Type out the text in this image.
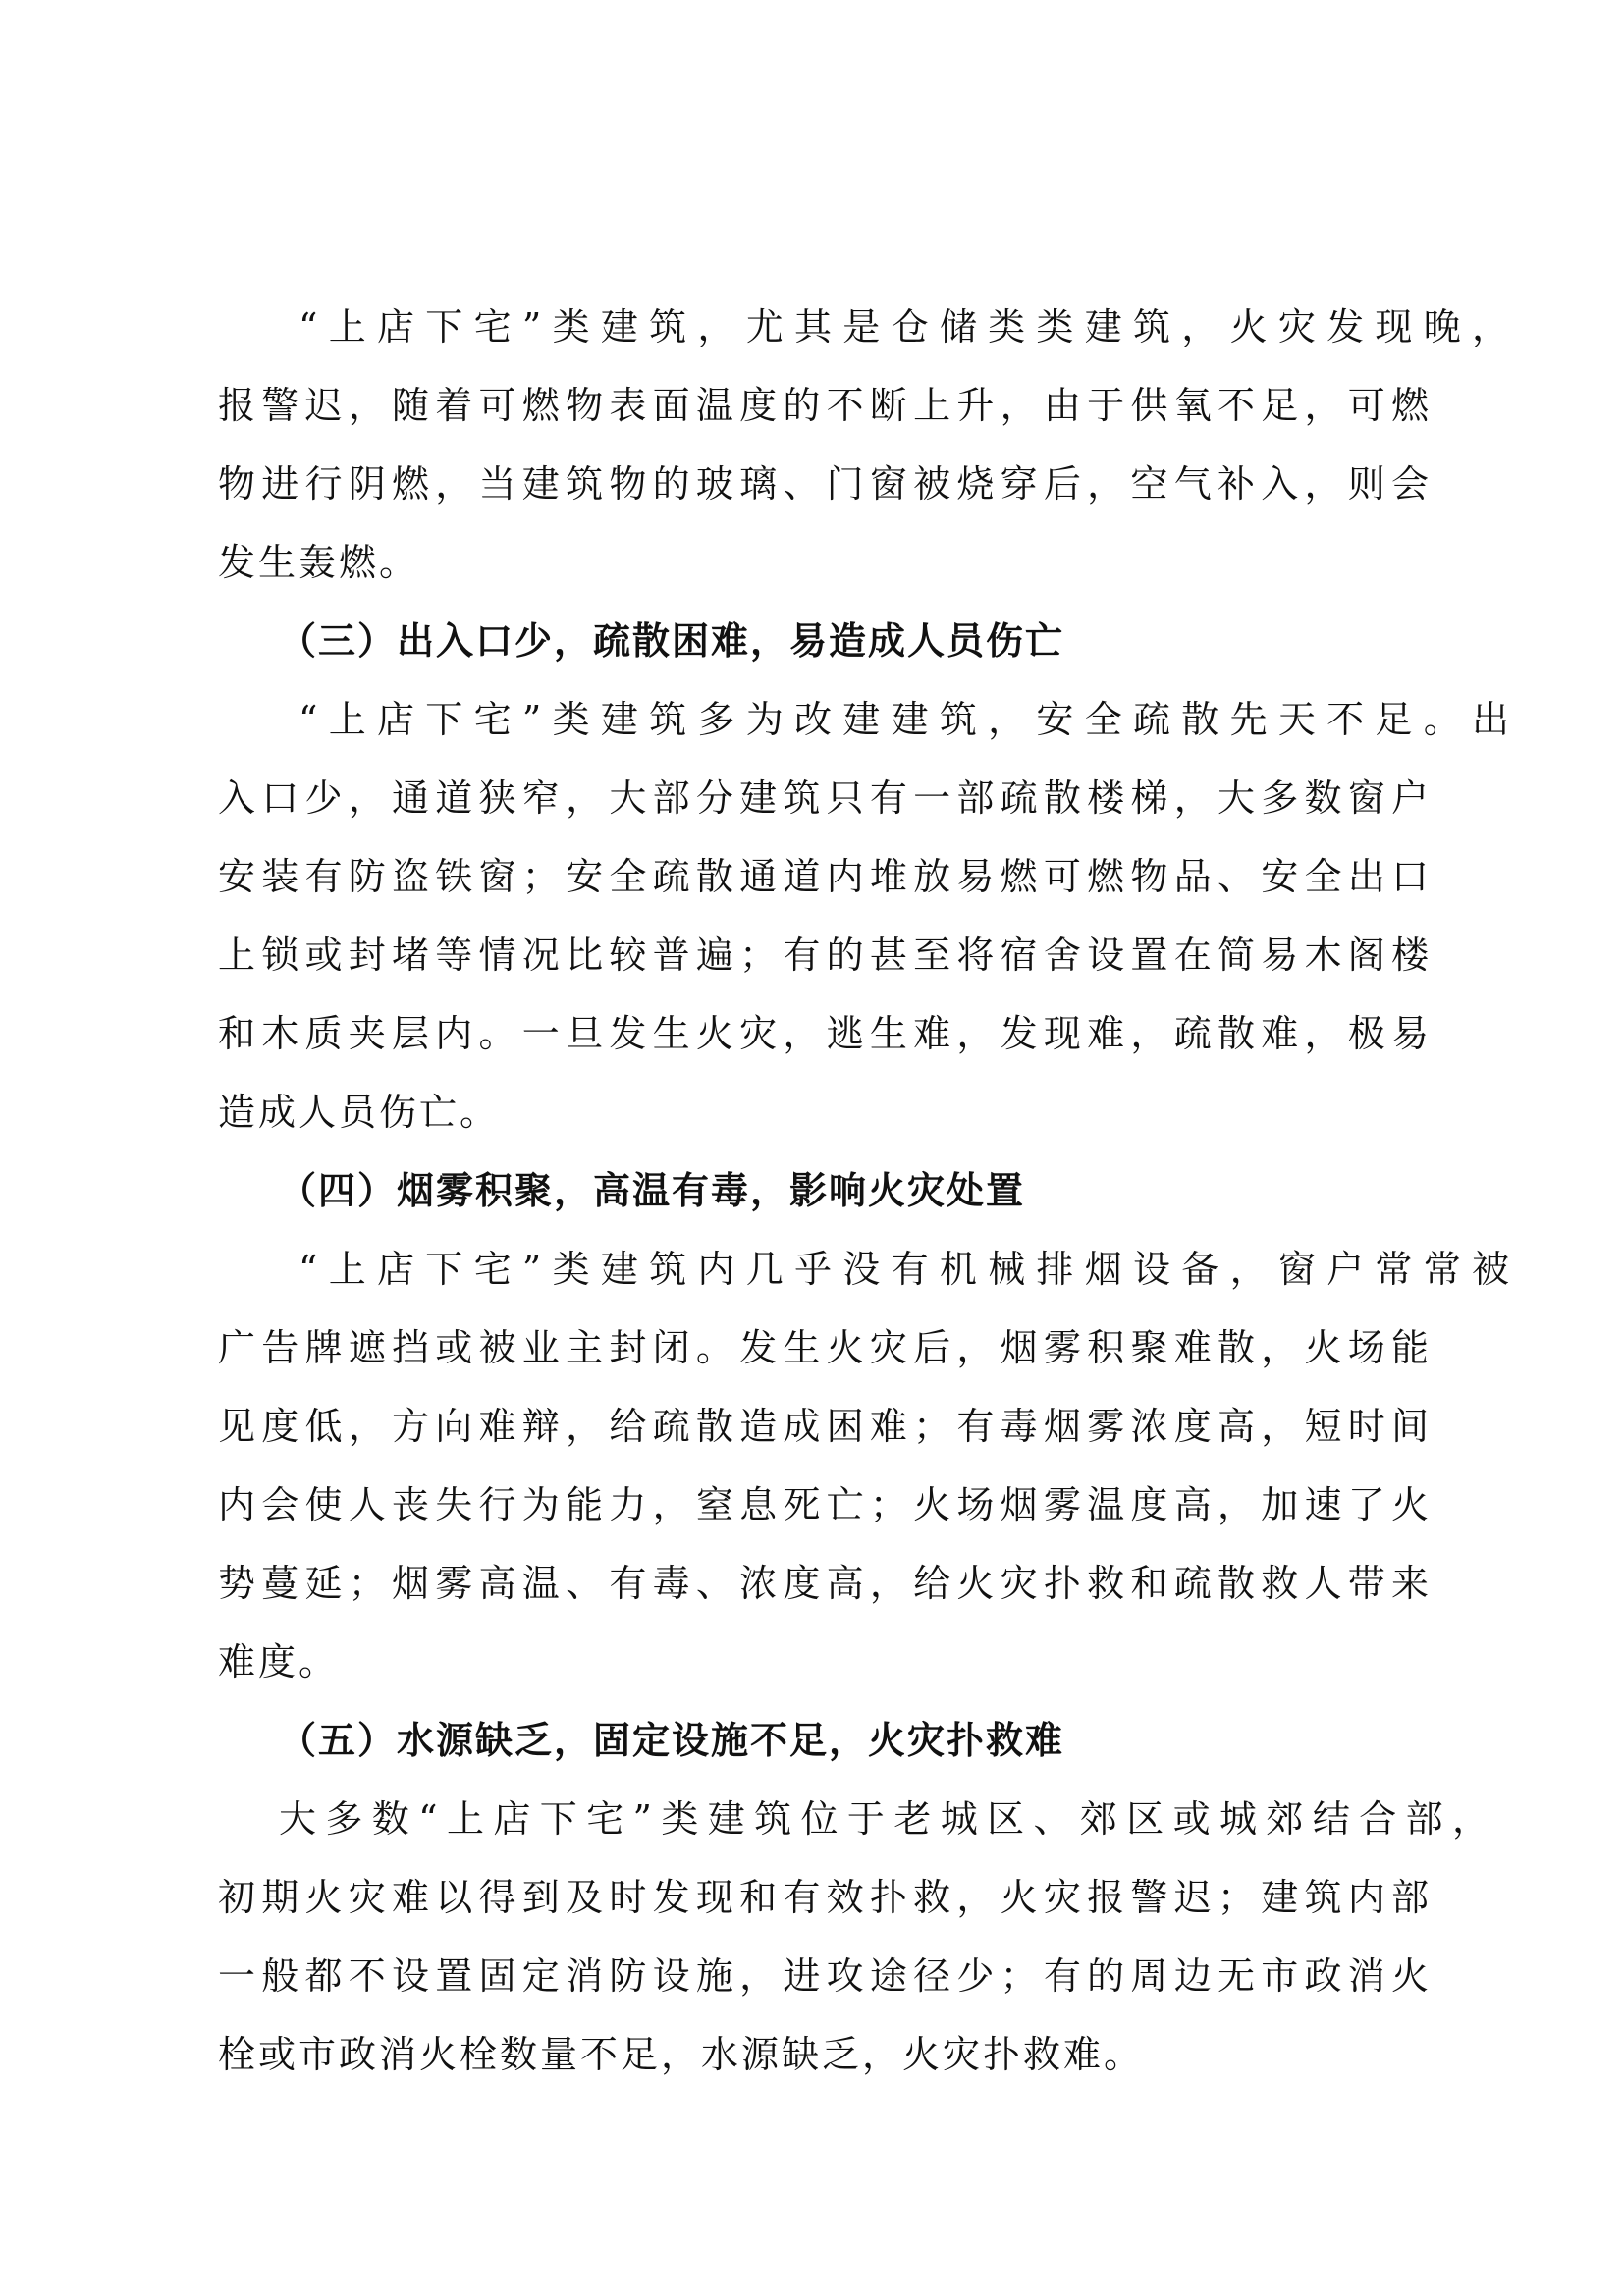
“上店下宅”类建筑，尤其是仓储类类建筑，火灾发现晚，
报警迟，随着可燃物表面温度的不断上升，由于供氧不足，可燃
物进行阴燃，当建筑物的玻璃、门窗被烧穿后，空气补入，则会
发生轰燃。
（三）出入口少，疏散困难，易造成人员伤亡
“上店下宅”类建筑多为改建建筑，安全疏散先天不足。出
入口少，通道狭窄，大部分建筑只有一部疏散楼梯，大多数窗户
安装有防盗铁窗；安全疏散通道内堆放易燃可燃物品、安全出口
上锁或封堵等情况比较普遍；有的甚至将宿舍设置在简易木阁楼
和木质夹层内。一旦发生火灾，逃生难，发现难，疏散难，极易
造成人员伤亡。
（四）烟雾积聚，高温有毒，影响火灾处置
“上店下宅”类建筑内几乎没有机械排烟设备，窗户常常被
广告牌遮挡或被业主封闭。发生火灾后，烟雾积聚难散，火场能
见度低，方向难辩，给疏散造成困难；有毒烟雾浓度高，短时间
内会使人丧失行为能力，窒息死亡；火场烟雾温度高，加速了火
势蔓延；烟雾高温、有毒、浓度高，给火灾扑救和疏散救人带来
难度。
（五）水源缺乏，固定设施不足，火灾扑救难
大多数“上店下宅”类建筑位于老城区、郊区或城郊结合部，
初期火灾难以得到及时发现和有效扑救，火灾报警迟；建筑内部
一般都不设置固定消防设施，进攻途径少；有的周边无市政消火
栓或市政消火栓数量不足，水源缺乏，火灾扑救难。
